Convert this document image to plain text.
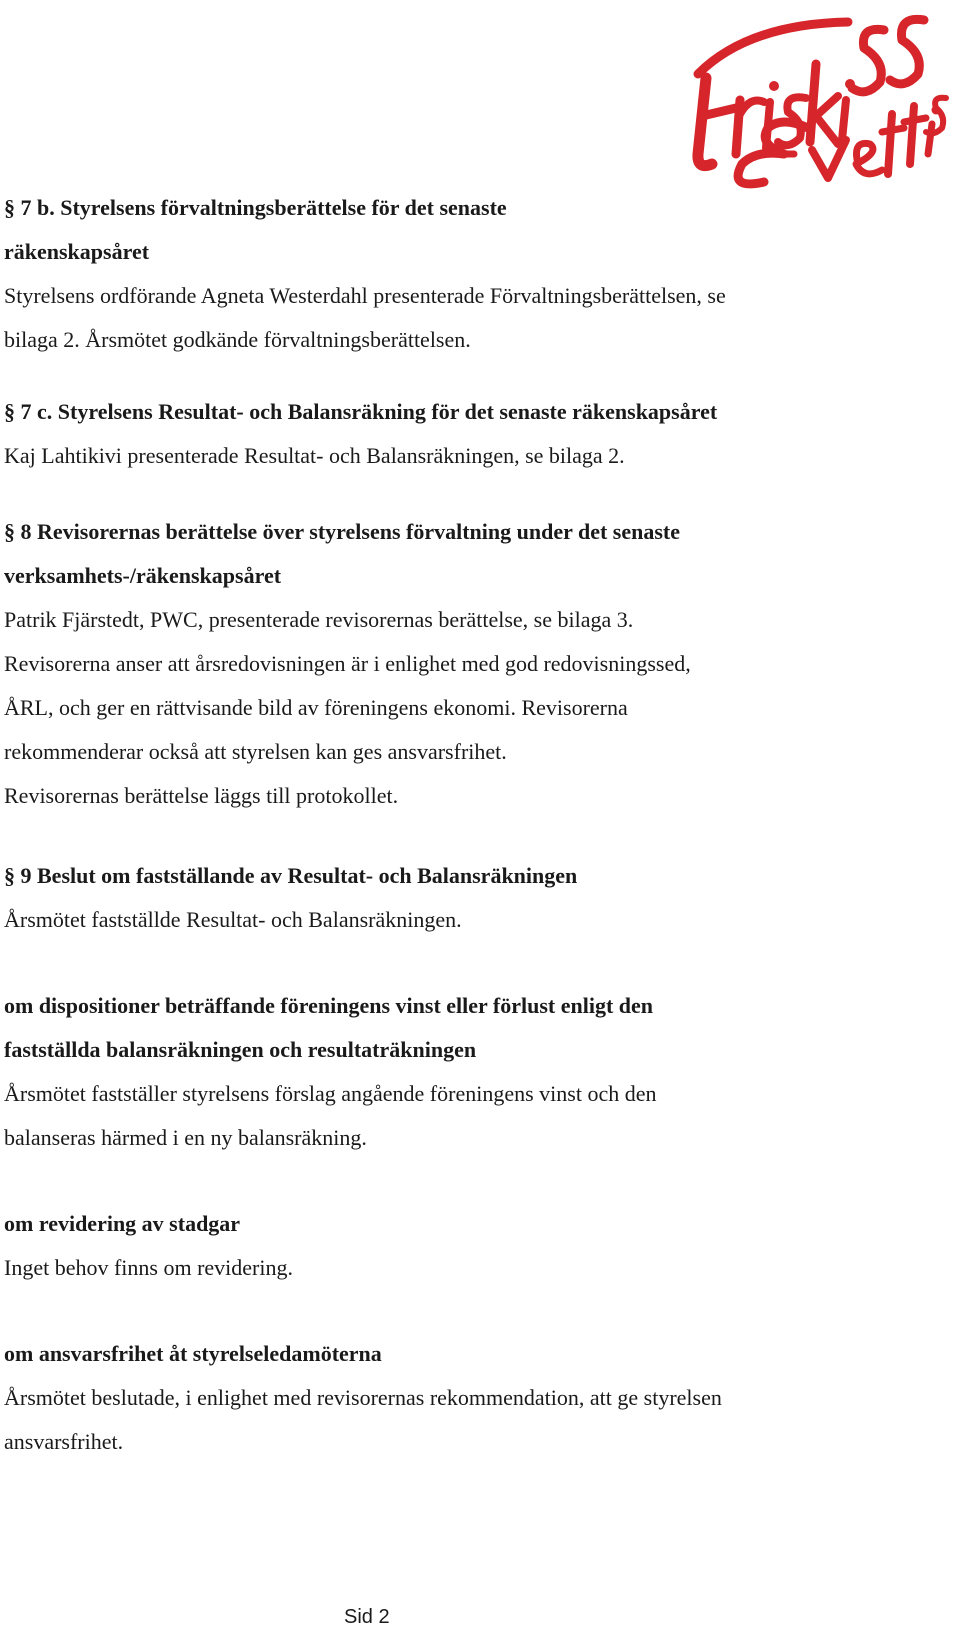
§ 7 b. Styrelsens förvaltningsberättelse för det senaste
räkenskapsåret
Styrelsens ordförande Agneta Westerdahl presenterade Förvaltningsberättelsen, se
bilaga 2. Årsmötet godkände förvaltningsberättelsen.
§ 7 c. Styrelsens Resultat- och Balansräkning för det senaste räkenskapsåret
Kaj Lahtikivi presenterade Resultat- och Balansräkningen, se bilaga 2.
§ 8 Revisorernas berättelse över styrelsens förvaltning under det senaste
verksamhets-/räkenskapsåret
Patrik Fjärstedt, PWC, presenterade revisorernas berättelse, se bilaga 3.
Revisorerna anser att årsredovisningen är i enlighet med god redovisningssed,
ÅRL, och ger en rättvisande bild av föreningens ekonomi. Revisorerna
rekommenderar också att styrelsen kan ges ansvarsfrihet.
Revisorernas berättelse läggs till protokollet.
§ 9 Beslut om fastställande av Resultat- och Balansräkningen
Årsmötet fastställde Resultat- och Balansräkningen.
om dispositioner beträffande föreningens vinst eller förlust enligt den
fastställda balansräkningen och resultaträkningen
Årsmötet fastställer styrelsens förslag angående föreningens vinst och den
balanseras härmed i en ny balansräkning.
om revidering av stadgar
Inget behov finns om revidering.
om ansvarsfrihet åt styrelseledamöterna
Årsmötet beslutade, i enlighet med revisorernas rekommendation, att ge styrelsen
ansvarsfrihet.
Sid 2
